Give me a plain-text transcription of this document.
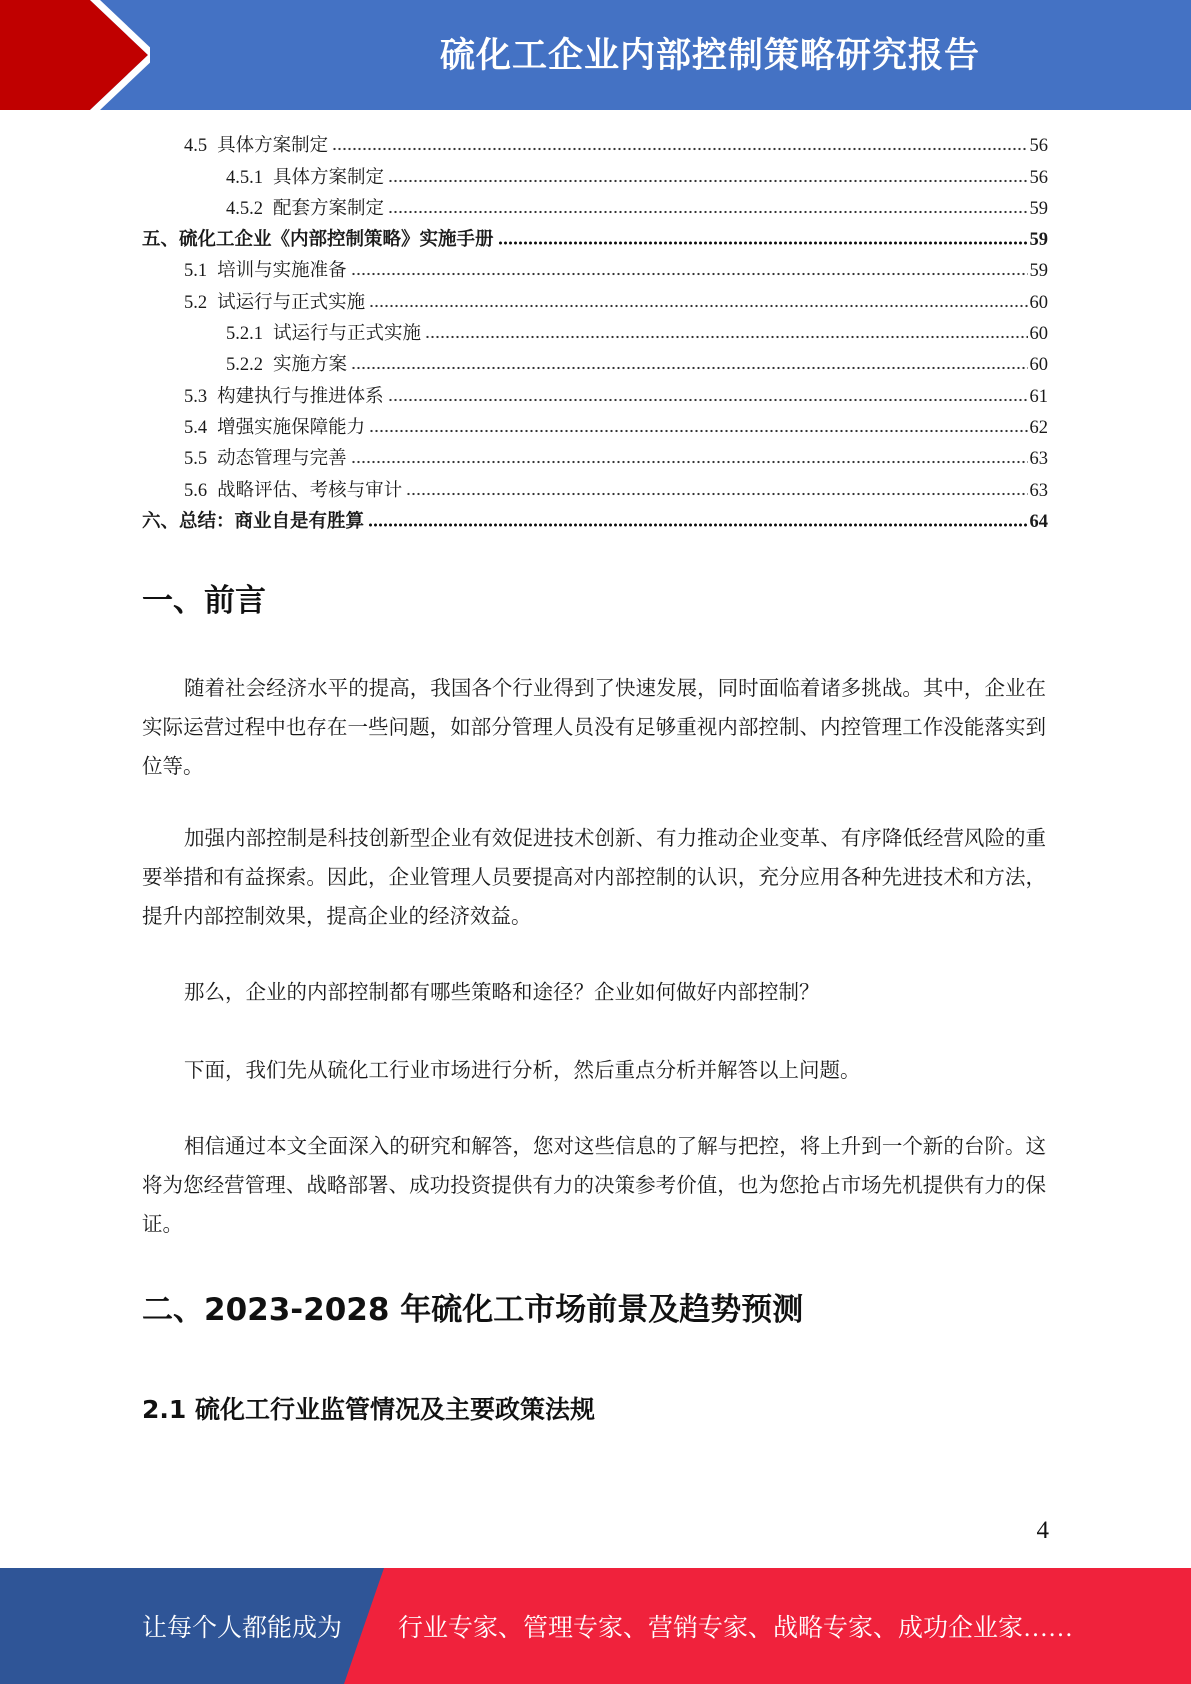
硫化工企业内部控制策略研究报告
4.5 具体方案制定	56
4.5.1 具体方案制定	56
4.5.2 配套方案制定	59
五、硫化工企业《内部控制策略》实施手册	59
5.1 培训与实施准备	59
5.2 试运行与正式实施	60
5.2.1 试运行与正式实施	60
5.2.2 实施方案	60
5.3 构建执行与推进体系	61
5.4 增强实施保障能力	62
5.5 动态管理与完善	63
5.6 战略评估、考核与审计	63
六、总结：商业自是有胜算	64
一、前言

随着社会经济水平的提高，我国各个行业得到了快速发展，同时面临着诸多挑战。其中，企业在实际运营过程中也存在一些问题，如部分管理人员没有足够重视内部控制、内控管理工作没能落实到位等。

加强内部控制是科技创新型企业有效促进技术创新、有力推动企业变革、有序降低经营风险的重要举措和有益探索。因此，企业管理人员要提高对内部控制的认识，充分应用各种先进技术和方法，提升内部控制效果，提高企业的经济效益。

那么，企业的内部控制都有哪些策略和途径？企业如何做好内部控制？

下面，我们先从硫化工行业市场进行分析，然后重点分析并解答以上问题。

相信通过本文全面深入的研究和解答，您对这些信息的了解与把控，将上升到一个新的台阶。这将为您经营管理、战略部署、成功投资提供有力的决策参考价值，也为您抢占市场先机提供有力的保证。

二、2023-2028 年硫化工市场前景及趋势预测
2.1 硫化工行业监管情况及主要政策法规
4
让每个人都能成为 行业专家、管理专家、营销专家、战略专家、成功企业家……
